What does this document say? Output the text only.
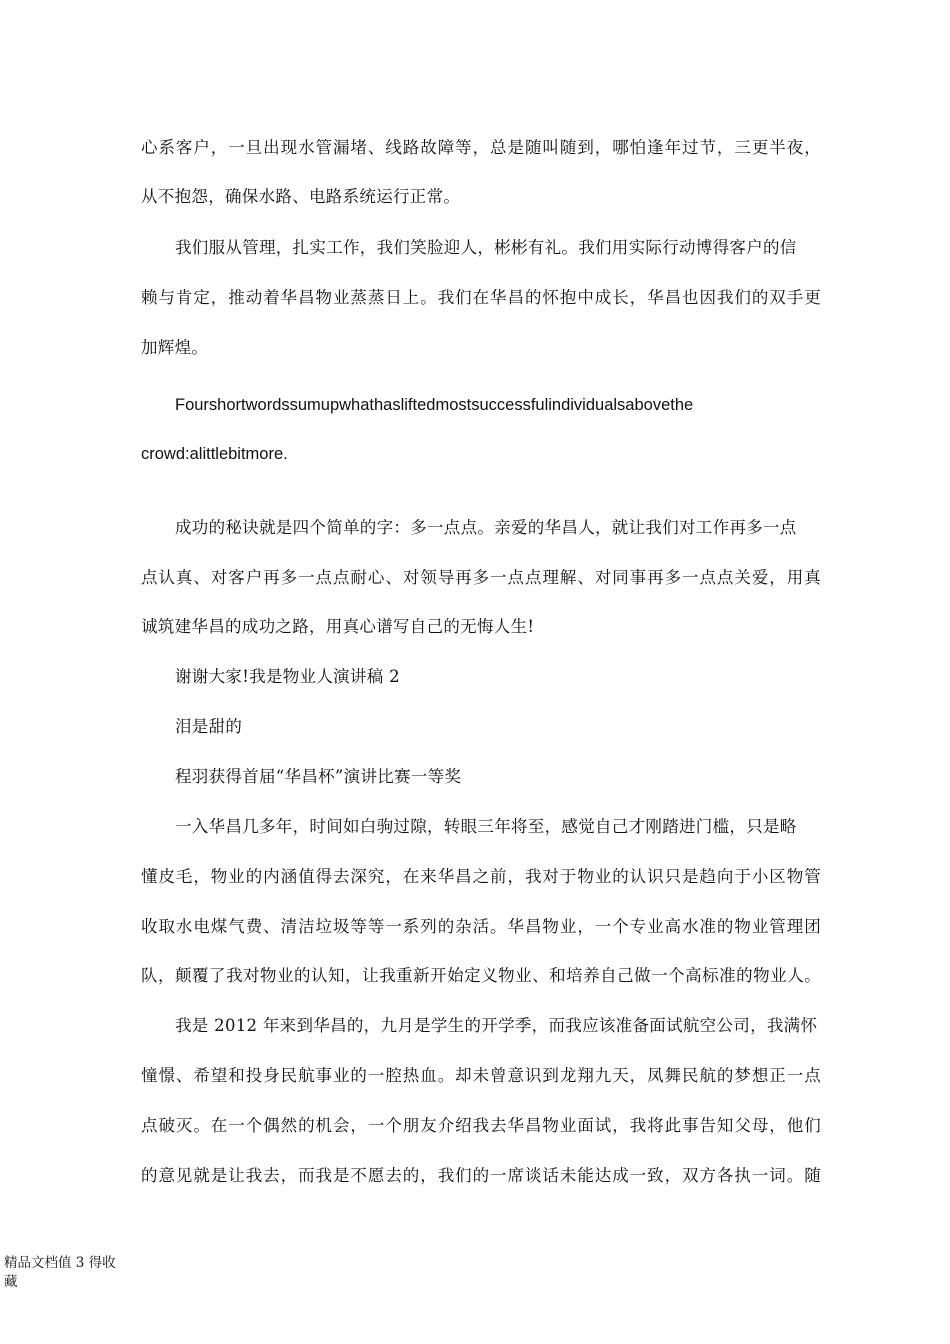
心系客户，一旦出现水管漏堵、线路故障等，总是随叫随到，哪怕逢年过节，三更半夜，
从不抱怨，确保水路、电路系统运行正常。
我们服从管理，扎实工作，我们笑脸迎人，彬彬有礼。我们用实际行动博得客户的信
赖与肯定，推动着华昌物业蒸蒸日上。我们在华昌的怀抱中成长，华昌也因我们的双手更
加辉煌。
Fourshortwordssumupwhathasliftedmostsuccessfulindividualsabovethe
crowd:alittlebitmore.
成功的秘诀就是四个简单的字：多一点点。亲爱的华昌人，就让我们对工作再多一点
点认真、对客户再多一点点耐心、对领导再多一点点理解、对同事再多一点点关爱，用真
诚筑建华昌的成功之路，用真心谱写自己的无悔人生!
谢谢大家!我是物业人演讲稿 2
泪是甜的
程羽获得首届“华昌杯”演讲比赛一等奖
一入华昌几多年，时间如白驹过隙，转眼三年将至，感觉自己才刚踏进门槛，只是略
懂皮毛，物业的内涵值得去深究，在来华昌之前，我对于物业的认识只是趋向于小区物管
收取水电煤气费、清洁垃圾等等一系列的杂活。华昌物业，一个专业高水准的物业管理团
队，颠覆了我对物业的认知，让我重新开始定义物业、和培养自己做一个高标准的物业人。
我是 2012 年来到华昌的，九月是学生的开学季，而我应该准备面试航空公司，我满怀
憧憬、希望和投身民航事业的一腔热血。却未曾意识到龙翔九天，凤舞民航的梦想正一点
点破灭。在一个偶然的机会，一个朋友介绍我去华昌物业面试，我将此事告知父母，他们
的意见就是让我去，而我是不愿去的，我们的一席谈话未能达成一致，双方各执一词。随
精品文档值 3 得收藏
